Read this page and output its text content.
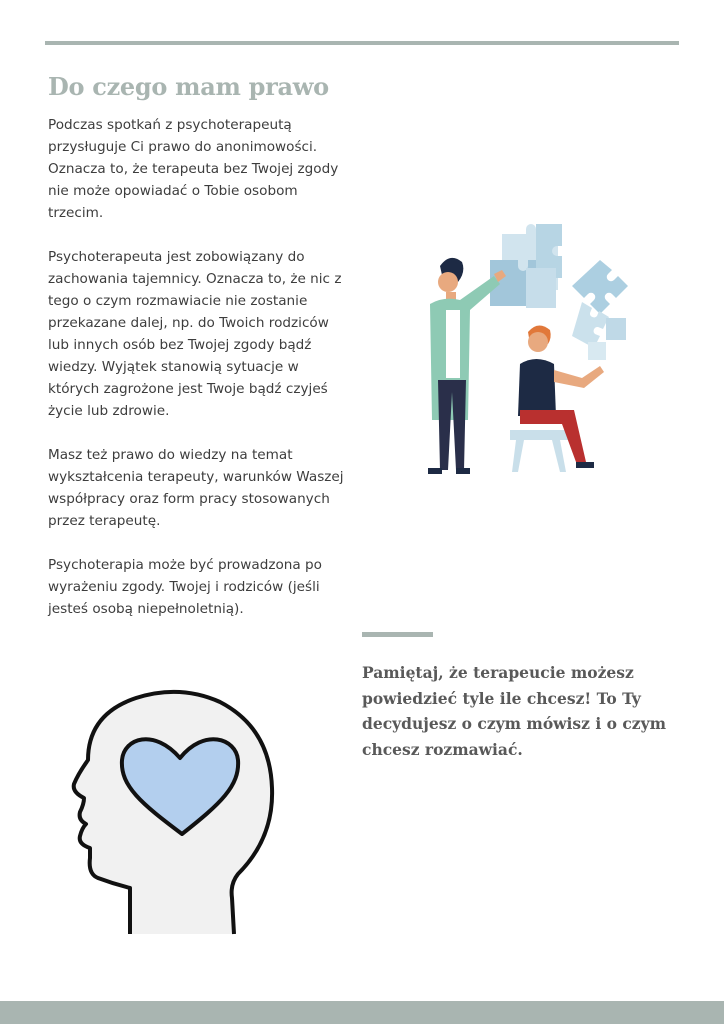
Do czego mam prawo

Podczas spotkań z psychoterapeutą przysługuje Ci prawo do anonimowości. Oznacza to, że terapeuta bez Twojej zgody nie może opowiadać o Tobie osobom trzecim.

Psychoterapeuta jest zobowiązany do zachowania tajemnicy. Oznacza to, że nic z tego o czym rozmawiacie nie zostanie przekazane dalej, np. do Twoich rodziców lub innych osób bez Twojej zgody bądź wiedzy. Wyjątek stanowią sytuacje w których zagrożone jest Twoje bądź czyjeś życie lub zdrowie.

Masz też prawo do wiedzy na temat wykształcenia terapeuty, warunków Waszej współpracy oraz form pracy stosowanych przez terapeutę.

Psychoterapia może być prowadzona po wyrażeniu zgody. Twojej i rodziców (jeśli jesteś osobą niepełnoletnią).

Pamiętaj, że terapeucie możesz powiedzieć tyle ile chcesz! To Ty decydujesz o czym mówisz i o czym chcesz rozmawiać.
